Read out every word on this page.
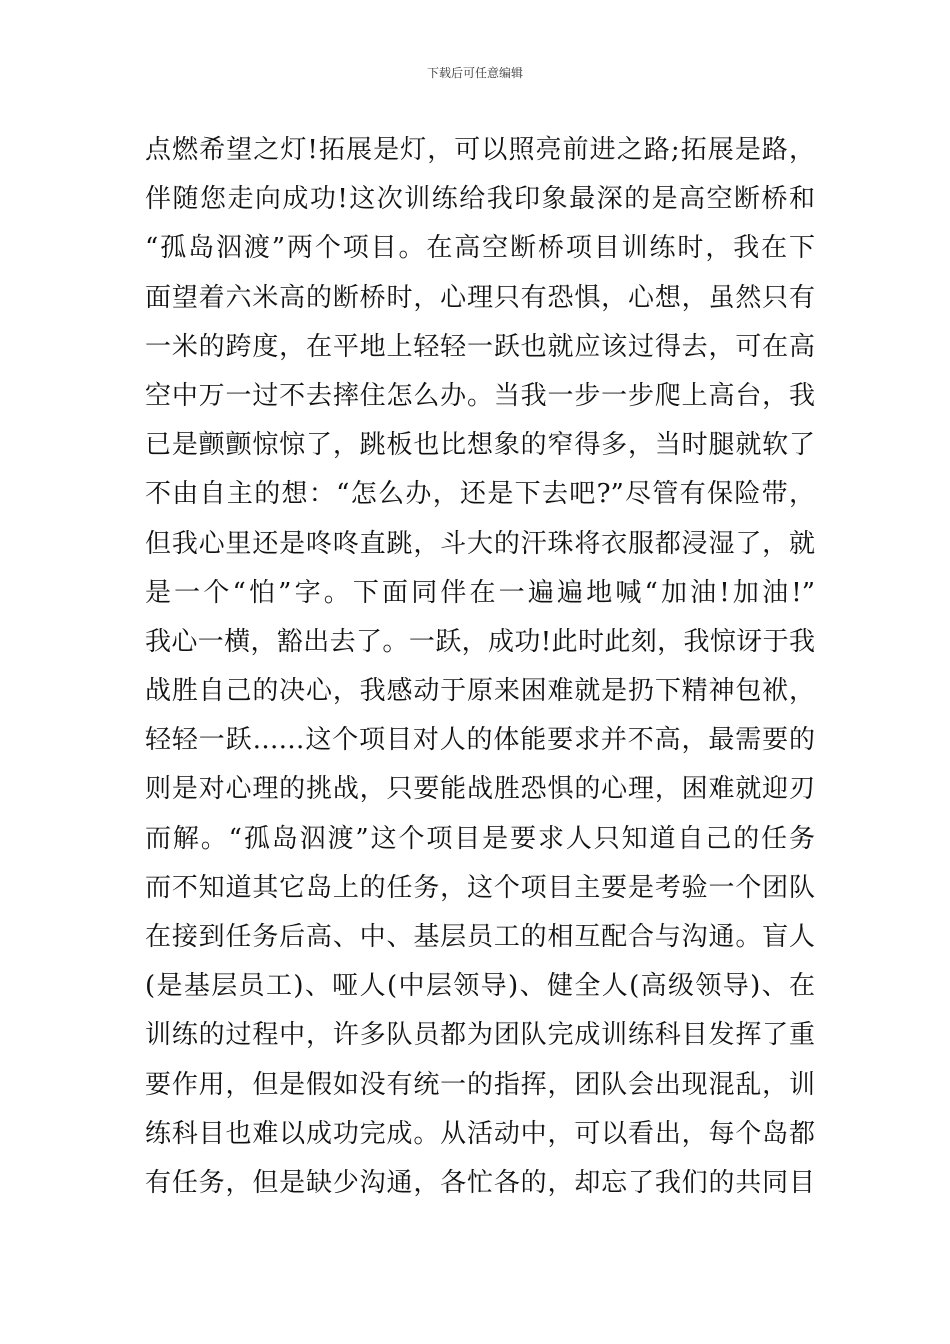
下载后可任意编辑
点燃希望之灯!拓展是灯，可以照亮前进之路;拓展是路，
伴随您走向成功!这次训练给我印象最深的是高空断桥和
“孤岛泅渡”两个项目。在高空断桥项目训练时，我在下
面望着六米高的断桥时，心理只有恐惧，心想，虽然只有
一米的跨度，在平地上轻轻一跃也就应该过得去，可在高
空中万一过不去摔住怎么办。当我一步一步爬上高台，我
已是颤颤惊惊了，跳板也比想象的窄得多，当时腿就软了
不由自主的想：“怎么办，还是下去吧?”尽管有保险带，
但我心里还是咚咚直跳，斗大的汗珠将衣服都浸湿了，就
是一个“怕”字。下面同伴在一遍遍地喊“加油!加油!”
我心一横，豁出去了。一跃，成功!此时此刻，我惊讶于我
战胜自己的决心，我感动于原来困难就是扔下精神包袱，
轻轻一跃……这个项目对人的体能要求并不高，最需要的
则是对心理的挑战，只要能战胜恐惧的心理，困难就迎刃
而解。“孤岛泅渡”这个项目是要求人只知道自己的任务
而不知道其它岛上的任务，这个项目主要是考验一个团队
在接到任务后高、中、基层员工的相互配合与沟通。盲人
(是基层员工)、哑人(中层领导)、健全人(高级领导)、在
训练的过程中，许多队员都为团队完成训练科目发挥了重
要作用，但是假如没有统一的指挥，团队会出现混乱，训
练科目也难以成功完成。从活动中，可以看出，每个岛都
有任务，但是缺少沟通，各忙各的，却忘了我们的共同目
